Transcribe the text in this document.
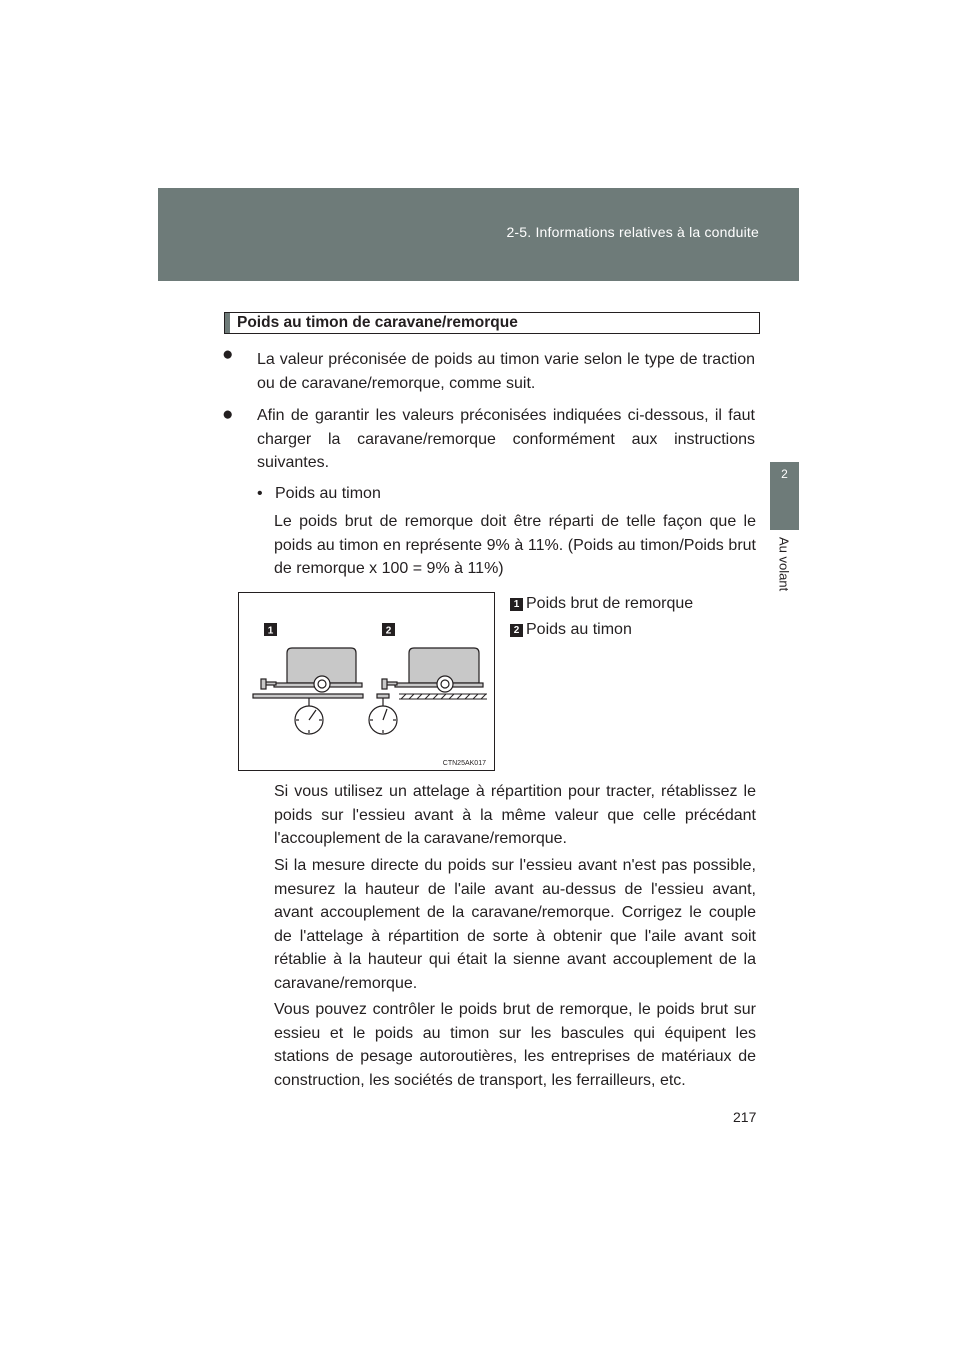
2-5. Informations relatives à la conduite
2
Au volant
Poids au timon de caravane/remorque
● La valeur préconisée de poids au timon varie selon le type de traction ou de caravane/remorque, comme suit.
● Afin de garantir les valeurs préconisées indiquées ci-dessous, il faut charger la caravane/remorque conformément aux instructions suivantes.
• Poids au timon
Le poids brut de remorque doit être réparti de telle façon que le poids au timon en représente 9% à 11%. (Poids au timon/Poids brut de remorque x 100 = 9% à 11%)
1	2
CTN25AK017
1 Poids brut de remorque
2 Poids au timon
Si vous utilisez un attelage à répartition pour tracter, rétablissez le poids sur l'essieu avant à la même valeur que celle précédant l'accouplement de la caravane/remorque.
Si la mesure directe du poids sur l'essieu avant n'est pas possible, mesurez la hauteur de l'aile avant au-dessus de l'essieu avant, avant accouplement de la caravane/remorque. Corrigez le couple de l'attelage à répartition de sorte à obtenir que l'aile avant soit rétablie à la hauteur qui était la sienne avant accouplement de la caravane/remorque.
Vous pouvez contrôler le poids brut de remorque, le poids brut sur essieu et le poids au timon sur les bascules qui équipent les stations de pesage autoroutières, les entreprises de matériaux de construction, les sociétés de transport, les ferrailleurs, etc.
217
